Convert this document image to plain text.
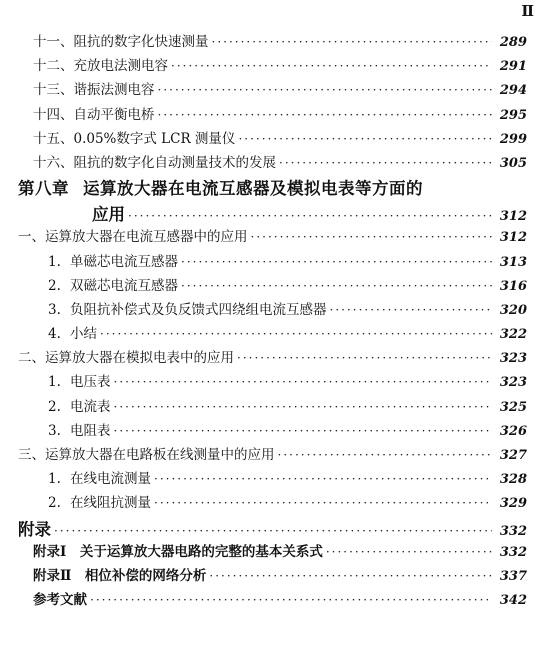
Ⅱ
十一、阻抗的数字化快速测量 ·····	289
十二、充放电法测电容 ·····	291
十三、谐振法测电容 ·····	294
十四、自动平衡电桥 ·····	295
十五、0.05%数字式 LCR 测量仪 ·····	299
十六、阻抗的数字化自动测量技术的发展 ·····	305
第八章 运算放大器在电流互感器及模拟电表等方面的
应用 ·····	312
一、运算放大器在电流互感器中的应用 ·····	312
1. 单磁芯电流互感器 ·····	313
2. 双磁芯电流互感器 ·····	316
3. 负阻抗补偿式及负反馈式四绕组电流互感器 ·····	320
4. 小结 ·····	322
二、运算放大器在模拟电表中的应用 ·····	323
1. 电压表 ·····	323
2. 电流表 ·····	325
3. 电阻表 ·····	326
三、运算放大器在电路板在线测量中的应用 ·····	327
1. 在线电流测量 ·····	328
2. 在线阻抗测量 ·····	329
附录 ·····	332
附录Ⅰ　关于运算放大器电路的完整的基本关系式 ·····	332
附录Ⅱ　相位补偿的网络分析 ·····	337
参考文献 ·····	342
